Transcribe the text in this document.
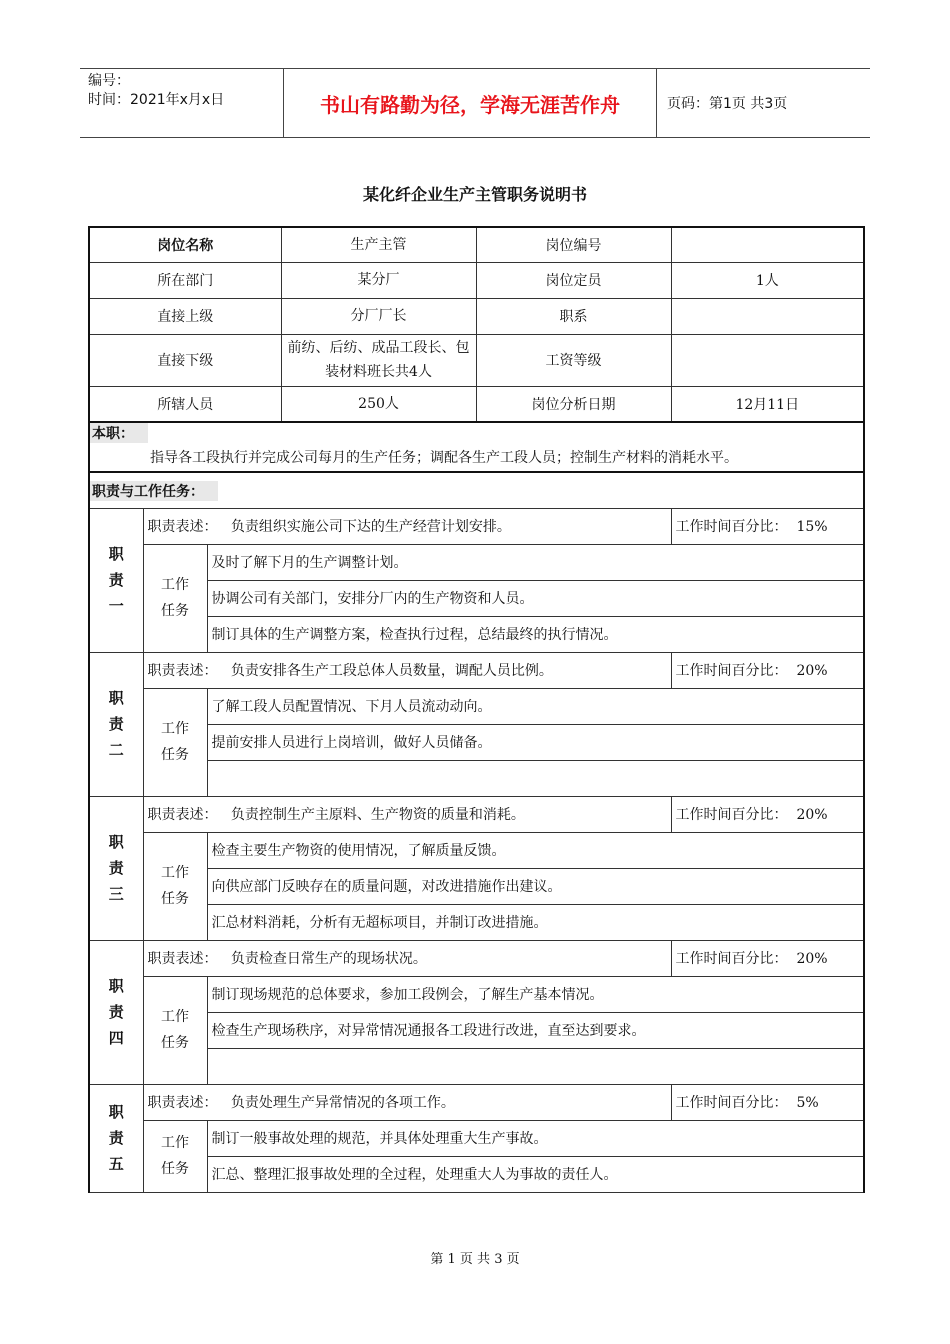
编号：
时间：2021年x月x日	书山有路勤为径，学海无涯苦作舟	页码：第1页 共3页
某化纤企业生产主管职务说明书
岗位名称			生产主管	岗位编号	
所在部门			某分厂	岗位定员	1人
直接上级			分厂厂长	职系	
直接下级			前纺、后纺、成品工段长、包装材料班长共4人	工资等级	
所辖人员			250人	岗位分析日期	12月11日

本职：
指导各工段执行并完成公司每月的生产任务；调配各生产工段人员；控制生产材料的消耗水平。					

职责与工作任务：					

职
责
一	职责表述： 负责组织实施公司下达的生产经营计划安排。				工作时间百分比： 15%

	工作
任务	及时了解下月的生产调整计划。			
		协调公司有关部门，安排分厂内的生产物资和人员。			
		制订具体的生产调整方案，检查执行过程，总结最终的执行情况。			

职
责
二	职责表述： 负责安排各生产工段总体人员数量，调配人员比例。				工作时间百分比： 20%

	工作
任务	了解工段人员配置情况、下月人员流动动向。			
		提前安排人员进行上岗培训，做好人员储备。			

职
责
三	职责表述： 负责控制生产主原料、生产物资的质量和消耗。				工作时间百分比： 20%

	工作
任务	检查主要生产物资的使用情况，了解质量反馈。			
		向供应部门反映存在的质量问题，对改进措施作出建议。			
		汇总材料消耗，分析有无超标项目，并制订改进措施。			

职
责
四	职责表述： 负责检查日常生产的现场状况。				工作时间百分比： 20%

	工作
任务	制订现场规范的总体要求，参加工段例会，了解生产基本情况。			
		检查生产现场秩序，对异常情况通报各工段进行改进，直至达到要求。			

职
责
五	职责表述： 负责处理生产异常情况的各项工作。				工作时间百分比： 5%

	工作
任务	制订一般事故处理的规范，并具体处理重大生产事故。			
		汇总、整理汇报事故处理的全过程，处理重大人为事故的责任人。			
第 1 页 共 3 页
